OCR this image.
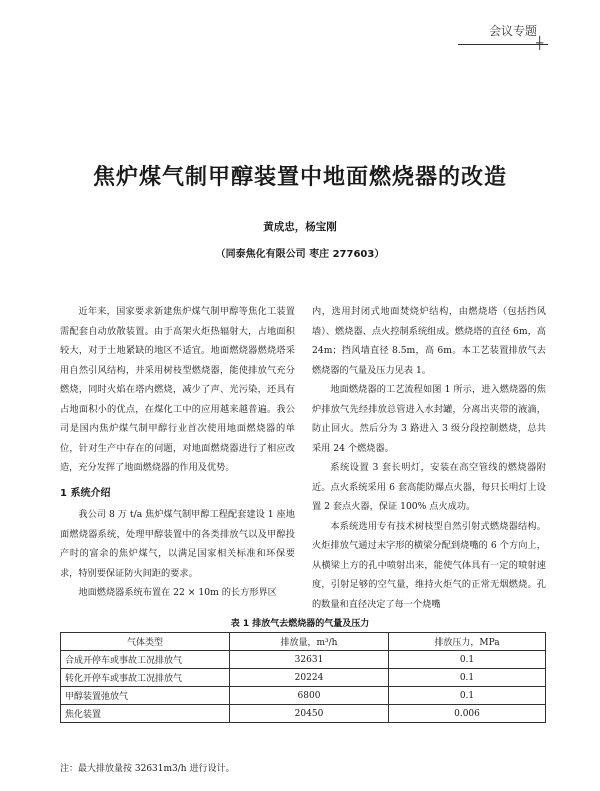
会议专题
┼
焦炉煤气制甲醇装置中地面燃烧器的改造
黄成忠，杨宝刚
（同泰焦化有限公司 枣庄 277603）

近年来，国家要求新建焦炉煤气制甲醇等焦化工装置需配套自动放散装置。由于高架火炬热辐射大，占地面积较大，对于土地紧缺的地区不适宜。地面燃烧器燃烧塔采用自然引风结构，并采用树枝型燃烧器，能使排放气充分燃烧，同时火焰在塔内燃烧，减少了声、光污染，还具有占地面积小的优点，在煤化工中的应用越来越普遍。我公司是国内焦炉煤气制甲醇行业首次使用地面燃烧器的单位，针对生产中存在的问题，对地面燃烧器进行了相应改造，充分发挥了地面燃烧器的作用及优势。

1 系统介绍

我公司 8 万 t/a 焦炉煤气制甲醇工程配套建设 1 座地面燃烧器系统，处理甲醇装置中的各类排放气以及甲醇投产时的富余的焦炉煤气，以满足国家相关标准和环保要求，特别要保证防火间距的要求。

地面燃烧器系统布置在 22 × 10m 的长方形界区

内，选用封闭式地面焚烧炉结构，由燃烧塔（包括挡风墙）、燃烧器、点火控制系统组成。燃烧塔的直径 6m，高 24m；挡风墙直径 8.5m，高 6m。本工艺装置排放气去燃烧器的气量及压力见表 1。

地面燃烧器的工艺流程如图 1 所示，进入燃烧器的焦炉排放气先经排放总管进入水封罐，分离出夹带的液滴，防止回火。然后分为 3 路进入 3 级分段控制燃烧，总共采用 24 个燃烧器。

系统设置 3 套长明灯，安装在高空管线的燃烧器附近。点火系统采用 6 套高能防爆点火器，每只长明灯上设置 2 套点火器，保证 100% 点火成功。

本系统选用专有技术树枝型自然引射式燃烧器结构。火炬排放气通过末字形的横梁分配到烧嘴的 6 个方向上，从横梁上方的孔中喷射出来，能使气体具有一定的喷射速度，引射足够的空气量，维持火炬气的正常无烟燃烧。孔的数量和直径决定了每一个烧嘴

表 1 排放气去燃烧器的气量及压力
气体类型	排放量，m³/h	排放压力，MPa
合成开停车或事故工况排放气	32631	0.1
转化开停车或事故工况排放气	20224	0.1
甲醇装置弛放气	6800	0.1
焦化装置	20450	0.006
注：最大排放量按 32631m3/h 进行设计。
